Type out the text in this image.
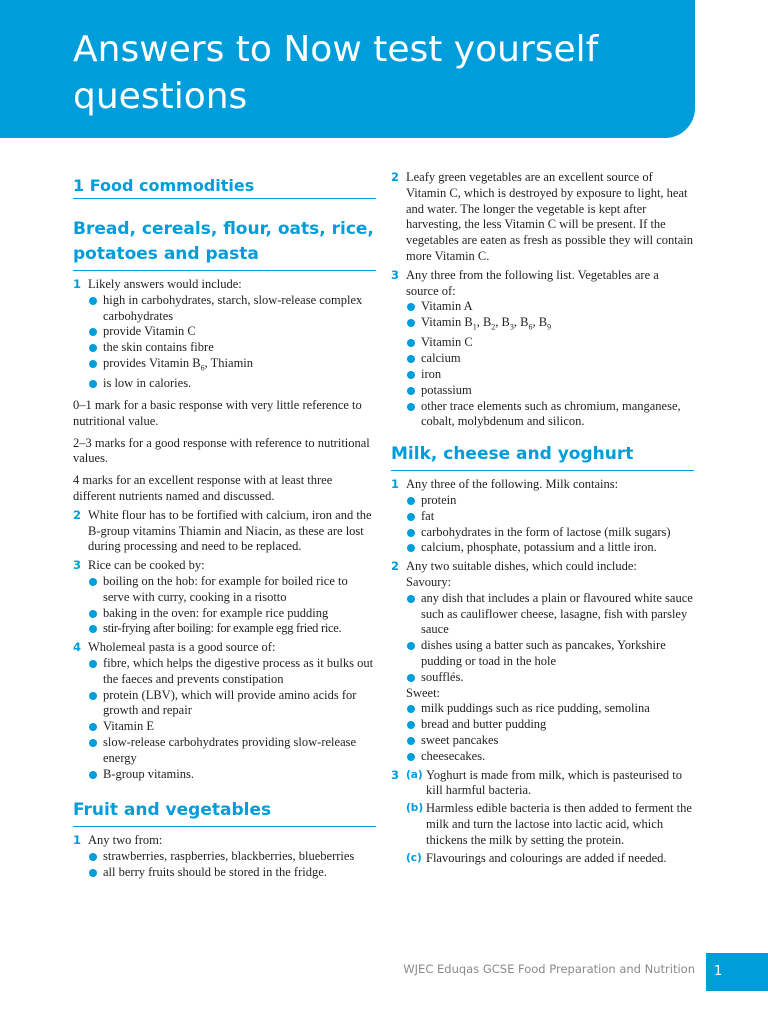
Answers to Now test yourself questions
1 Food commodities
Bread, cereals, flour, oats, rice, potatoes and pasta
1 Likely answers would include:

high in carbohydrates, starch, slow-release complex carbohydrates
provide Vitamin C
the skin contains fibre
provides Vitamin $B_6$, Thiamin
is low in calories.

0–1 mark for a basic response with very little reference to nutritional value.

2–3 marks for a good response with reference to nutritional values.

4 marks for an excellent response with at least three different nutrients named and discussed.

2 White flour has to be fortified with calcium, iron and the B-group vitamins Thiamin and Niacin, as these are lost during processing and need to be replaced.

3 Rice can be cooked by:

boiling on the hob: for example for boiled rice to serve with curry, cooking in a risotto
baking in the oven: for example rice pudding
stir-frying after boiling: for example egg fried rice.
4 Wholemeal pasta is a good source of:

fibre, which helps the digestive process as it bulks out the faeces and prevents constipation
protein (LBV), which will provide amino acids for growth and repair
Vitamin E
slow-release carbohydrates providing slow-release energy
B-group vitamins.
Fruit and vegetables
1 Any two from:

strawberries, raspberries, blackberries, blueberries
all berry fruits should be stored in the fridge.
2 Leafy green vegetables are an excellent source of Vitamin C, which is destroyed by exposure to light, heat and water. The longer the vegetable is kept after harvesting, the less Vitamin C will be present. If the vegetables are eaten as fresh as possible they will contain more Vitamin C.

3 Any three from the following list. Vegetables are a source of:

Vitamin A
Vitamin $B_1$, $B_2$, $B_3$, $B_6$, $B_9$
Vitamin C
calcium
iron
potassium
other trace elements such as chromium, manganese, cobalt, molybdenum and silicon.
Milk, cheese and yoghurt
1 Any three of the following. Milk contains:

protein
fat
carbohydrates in the form of lactose (milk sugars)
calcium, phosphate, potassium and a little iron.
2 Any two suitable dishes, which could include:

Savoury:

any dish that includes a plain or flavoured white sauce such as cauliflower cheese, lasagne, fish with parsley sauce
dishes using a batter such as pancakes, Yorkshire pudding or toad in the hole
soufflés.

Sweet:

milk puddings such as rice pudding, semolina
bread and butter pudding
sweet pancakes
cheesecakes.
3 (a) Yoghurt is made from milk, which is pasteurised to kill harmful bacteria.
(b) Harmless edible bacteria is then added to ferment the milk and turn the lactose into lactic acid, which thickens the milk by setting the protein.
(c) Flavourings and colourings are added if needed.
WJEC Eduqas GCSE Food Preparation and Nutrition 1
